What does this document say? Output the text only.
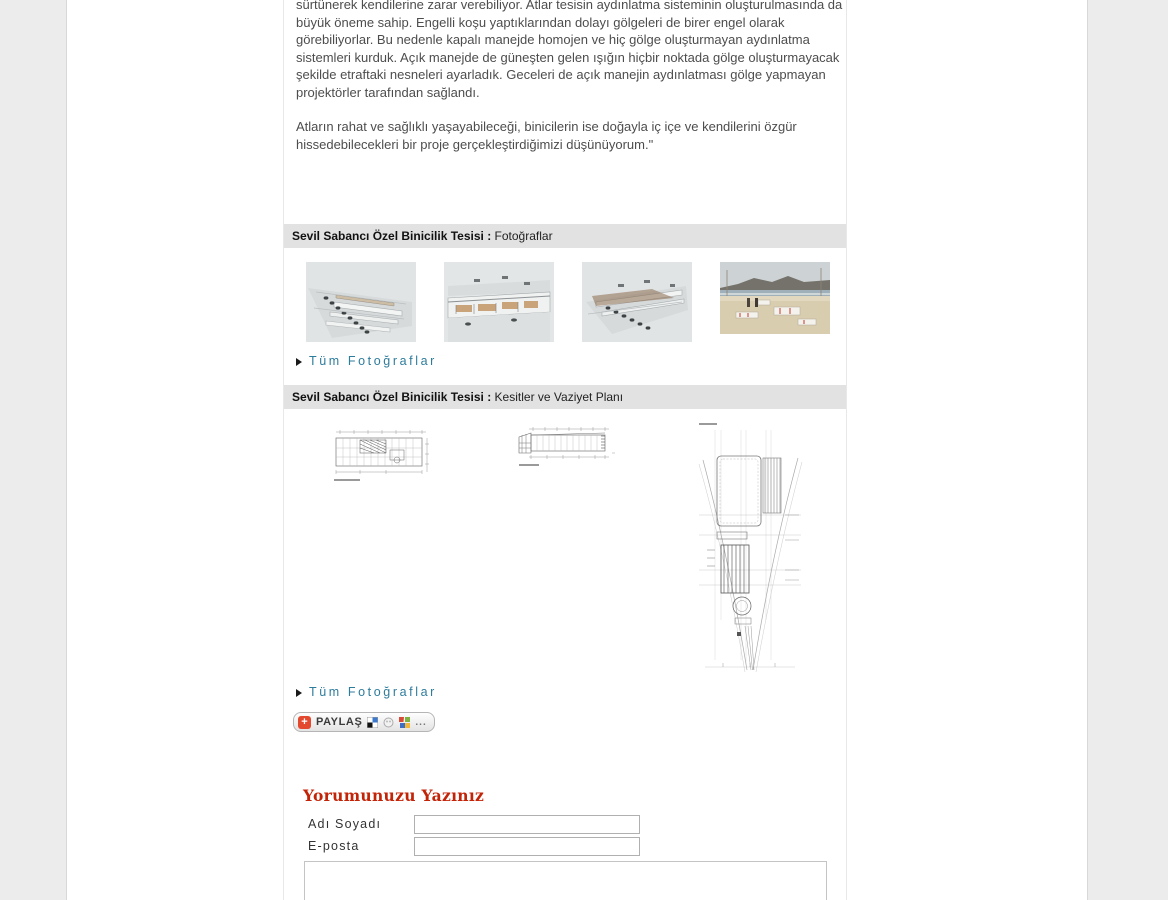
sürtünerek kendilerine zarar verebiliyor. Atlar tesisin aydınlatma sisteminin oluşturulmasında da büyük öneme sahip. Engelli koşu yaptıklarından dolayı gölgeleri de birer engel olarak görebiliyorlar. Bu nedenle kapalı manejde homojen ve hiç gölge oluşturmayan aydınlatma sistemleri kurduk. Açık manejde de güneşten gelen ışığın hiçbir noktada gölge oluşturmayacak şekilde etraftaki nesneleri ayarladık. Geceleri de açık manejin aydınlatması gölge yapmayan projektörler tarafından sağlandı.

Atların rahat ve sağlıklı yaşayabileceği, binicilerin ise doğayla iç içe ve kendilerini özgür hissedebilecekleri bir proje gerçekleştirdiğimizi düşünüyorum."

Sevil Sabancı Özel Binicilik Tesisi : Fotoğraflar
Tüm Fotoğraflar
Sevil Sabancı Özel Binicilik Tesisi : Kesitler ve Vaziyet Planı
Tüm Fotoğraflar
+ PAYLAŞ	...
Yorumunuzu Yazınız
Adı Soyadı
E-posta
